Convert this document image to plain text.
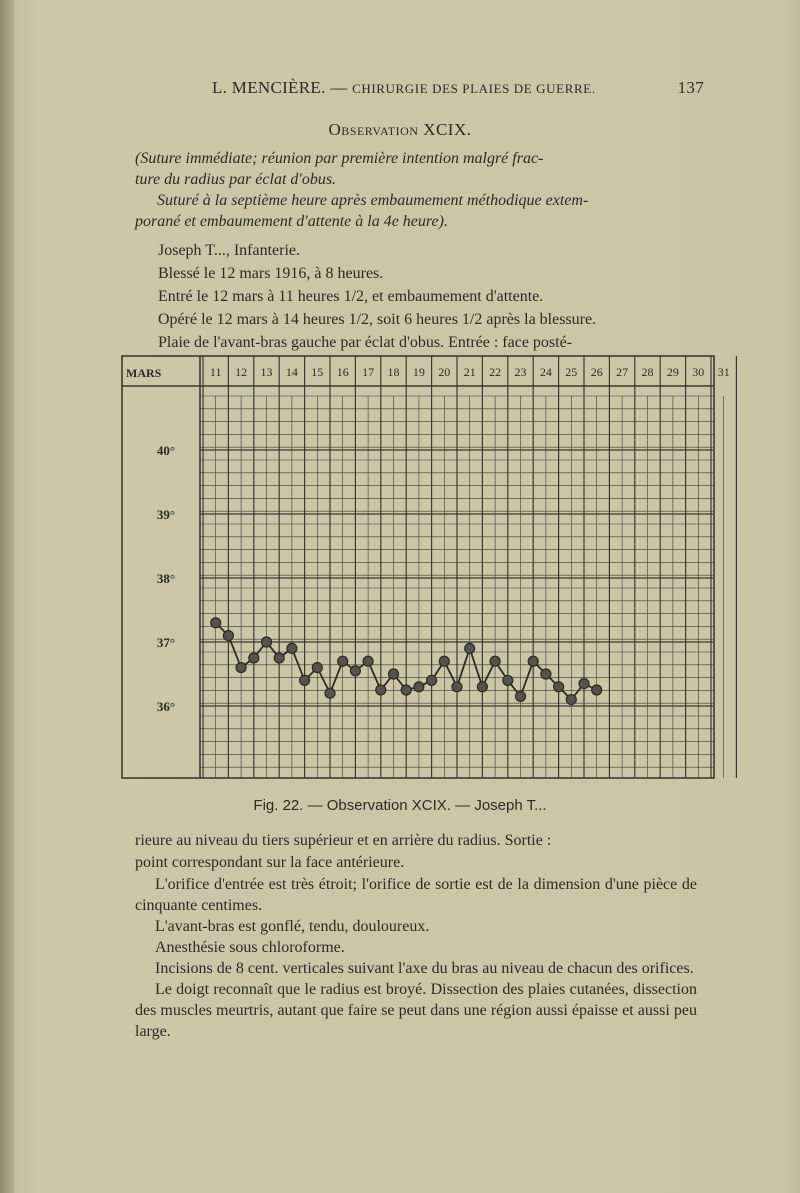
L. MENCIÈRE. — CHIRURGIE DES PLAIES DE GUERRE.	137
Observation XCIX.
(Suture immédiate; réunion par première intention malgré frac-
ture du radius par éclat d'obus.
Suturé à la septième heure après embaumement méthodique extem-
porané et embaumement d'attente à la 4e heure).
Joseph T..., Infanterie.
Blessé le 12 mars 1916, à 8 heures.
Entré le 12 mars à 11 heures 1/2, et embaumement d'attente.
Opéré le 12 mars à 14 heures 1/2, soit 6 heures 1/2 après la blessure.
Plaie de l'avant-bras gauche par éclat d'obus. Entrée : face posté-
MARS	11 12 13 14 15 16 17 18 19 20 21 22 23 24 25 26 27 28 29 30 31
40°
39°
38°
37°
36°
Fig. 22. — Observation XCIX. — Joseph T...
rieure au niveau du tiers supérieur et en arrière du radius. Sortie :
point correspondant sur la face antérieure.

L'orifice d'entrée est très étroit; l'orifice de sortie est de la dimension d'une pièce de cinquante centimes.

L'avant-bras est gonflé, tendu, douloureux.

Anesthésie sous chloroforme.

Incisions de 8 cent. verticales suivant l'axe du bras au niveau de chacun des orifices.

Le doigt reconnaît que le radius est broyé. Dissection des plaies cutanées, dissection des muscles meurtris, autant que faire se peut dans une région aussi épaisse et aussi peu large.
